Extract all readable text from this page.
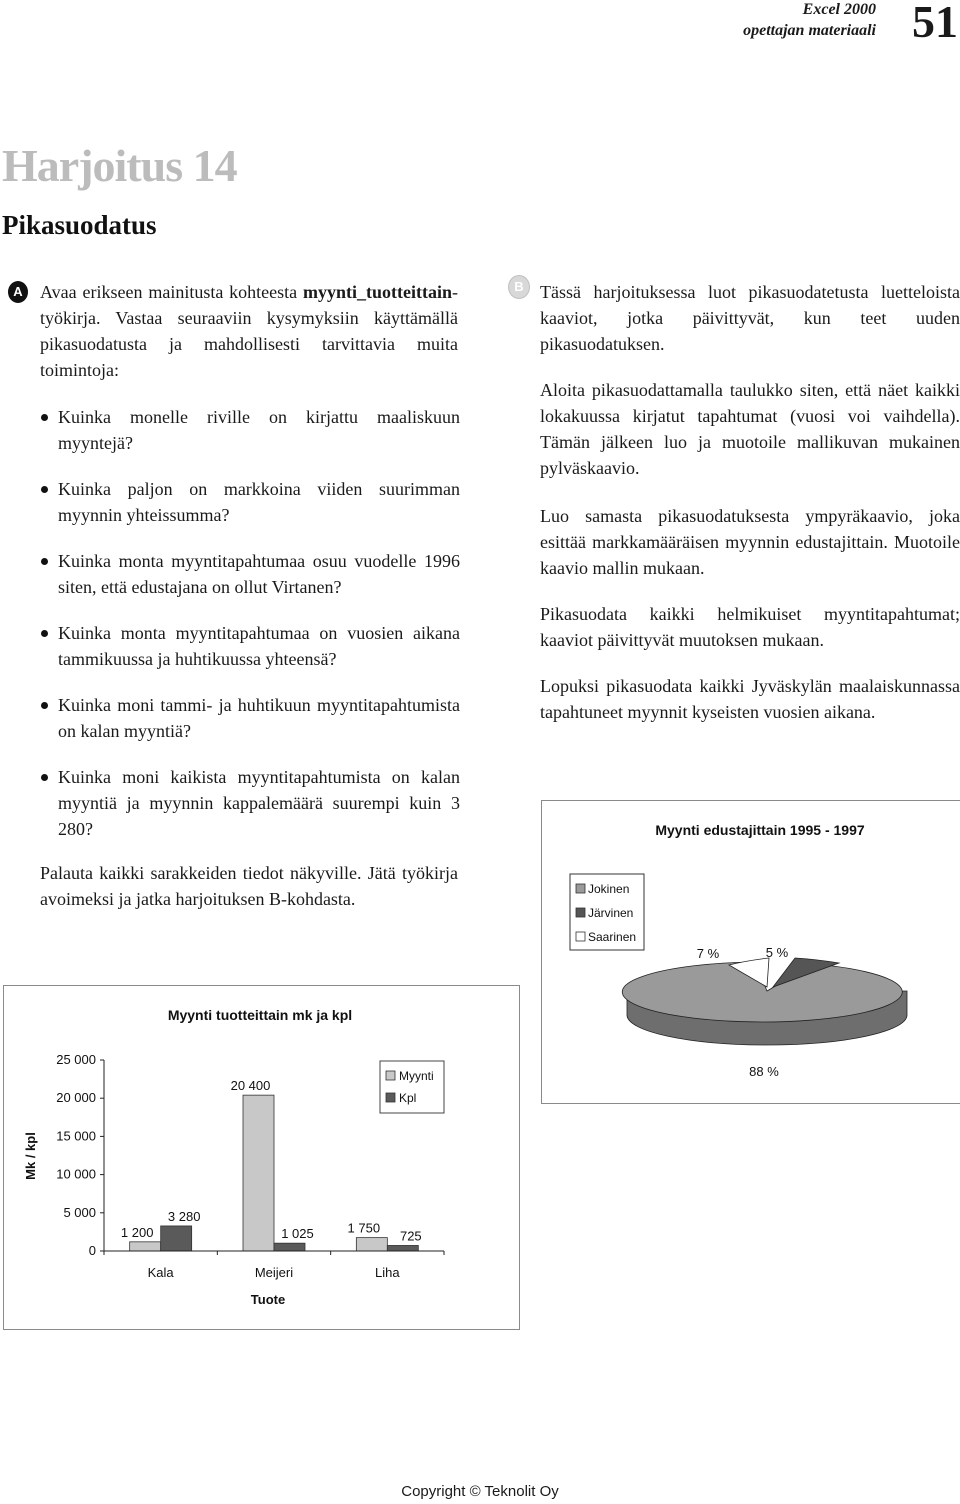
Excel 2000
opettajan materiaali 51
Harjoitus 14
Pikasuodatus
A Avaa erikseen mainitusta kohteesta myynti_tuotteittain-työkirja. Vastaa seuraaviin kysymyksiin käyttämällä pikasuodatusta ja mahdollisesti tarvittavia muita toimintoja:
Kuinka monelle riville on kirjattu maaliskuun myyntejä?
Kuinka paljon on markkoina viiden suurimman myynnin yhteissumma?
Kuinka monta myyntitapahtumaa osuu vuodelle 1996 siten, että edustajana on ollut Virtanen?
Kuinka monta myyntitapahtumaa on vuosien aikana tammikuussa ja huhtikuussa yhteensä?
Kuinka moni tammi- ja huhtikuun myyntitapahtumista on kalan myyntiä?
Kuinka moni kaikista myyntitapahtumista on kalan myyntiä ja myynnin kappalemäärä suurempi kuin 3 280?
Palauta kaikki sarakkeiden tiedot näkyville. Jätä työkirja avoimeksi ja jatka harjoituksen B-kohdasta.
B Tässä harjoituksessa luot pikasuodatetusta luetteloista kaaviot, jotka päivittyvät, kun teet uuden pikasuodatuksen.
Aloita pikasuodattamalla taulukko siten, että näet kaikki lokakuussa kirjatut tapahtumat (vuosi voi vaihdella). Tämän jälkeen luo ja muotoile mallikuvan mukainen pylväskaavio.
Luo samasta pikasuodatuksesta ympyräkaavio, joka esittää markkamääräisen myynnin edustajittain. Muotoile kaavio mallin mukaan.
Pikasuodata kaikki helmikuiset myyntitapahtumat; kaaviot päivittyvät muutoksen mukaan.
Lopuksi pikasuodata kaikki Jyväskylän maalaiskunnassa tapahtuneet myynnit kyseisten vuosien aikana.
Myynti edustajittain 1995 - 1997
Jokinen
Järvinen
Saarinen
7 %	5 %
88 %
Myynti tuotteittain mk ja kpl
Mk / kpl
Tuote
0
5 000
10 000
15 000
20 000
25 000
1 200
3 280
20 400
1 025	1 750
725
Kala	Meijeri	Liha
Myynti
Kpl
Copyright © Teknolit Oy
